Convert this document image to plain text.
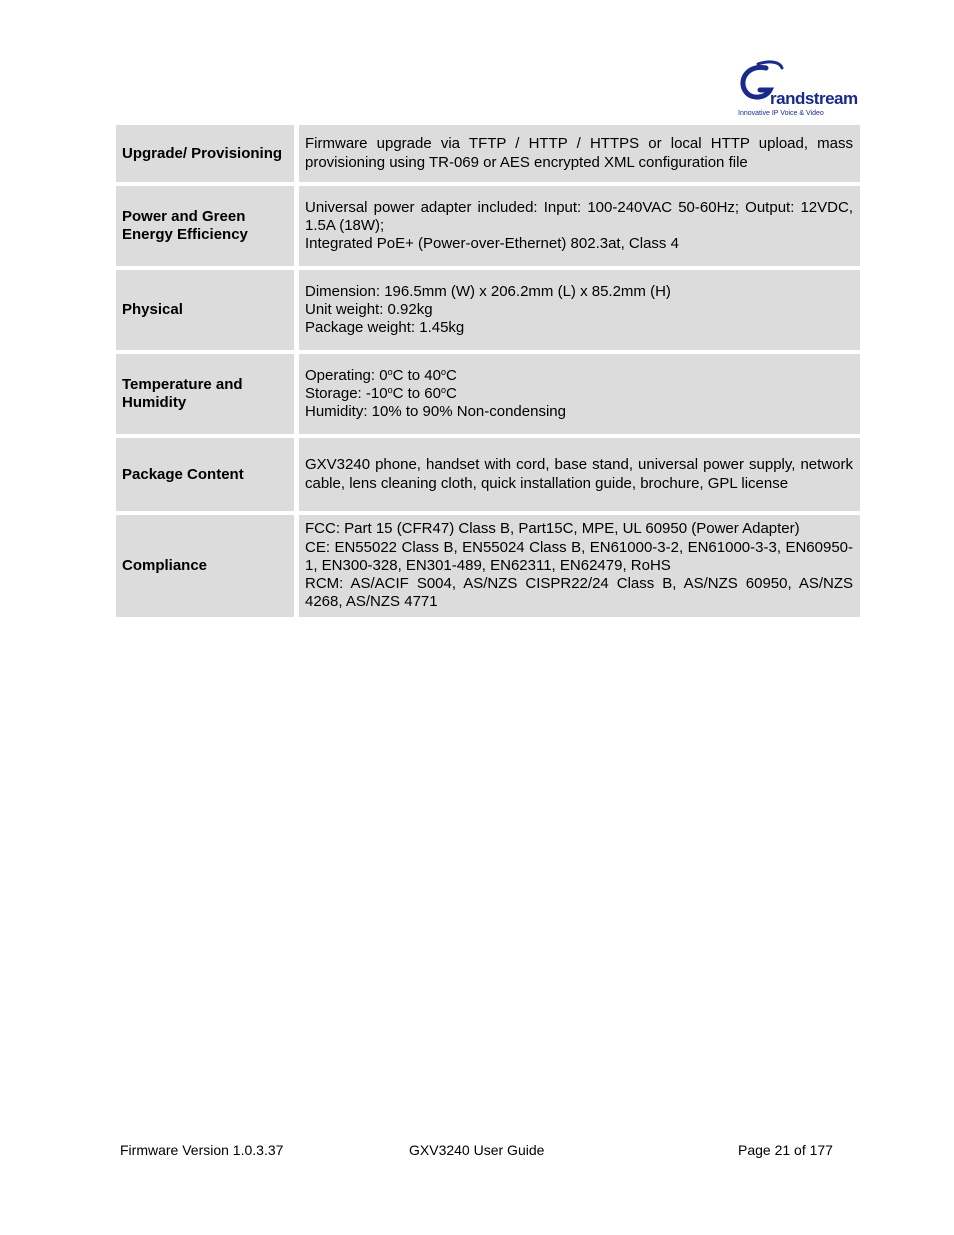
randstream
Innovative IP Voice & Video
Upgrade/ Provisioning
Firmware upgrade via TFTP / HTTP / HTTPS or local HTTP upload, mass provisioning using TR-069 or AES encrypted XML configuration file
Power and Green Energy Efficiency
Universal power adapter included: Input: 100-240VAC 50-60Hz; Output: 12VDC, 1.5A (18W);
Integrated PoE+ (Power-over-Ethernet) 802.3at, Class 4
Physical
Dimension: 196.5mm (W) x 206.2mm (L) x 85.2mm (H)
Unit weight: 0.92kg
Package weight: 1.45kg
Temperature and Humidity
Operating: 0$^o$C to 40$^o$C
Storage: -10$^o$C to 60$^o$C
Humidity: 10% to 90% Non-condensing
Package Content
GXV3240 phone, handset with cord, base stand, universal power supply, network cable, lens cleaning cloth, quick installation guide, brochure, GPL license
Compliance
FCC: Part 15 (CFR47) Class B, Part15C, MPE, UL 60950 (Power Adapter)
CE: EN55022 Class B, EN55024 Class B, EN61000-3-2, EN61000-3-3, EN60950-1, EN300-328, EN301-489, EN62311, EN62479, RoHS
RCM: AS/ACIF S004, AS/NZS CISPR22/24 Class B, AS/NZS 60950, AS/NZS 4268, AS/NZS 4771
Firmware Version 1.0.3.37	GXV3240 User Guide	Page 21 of 177
